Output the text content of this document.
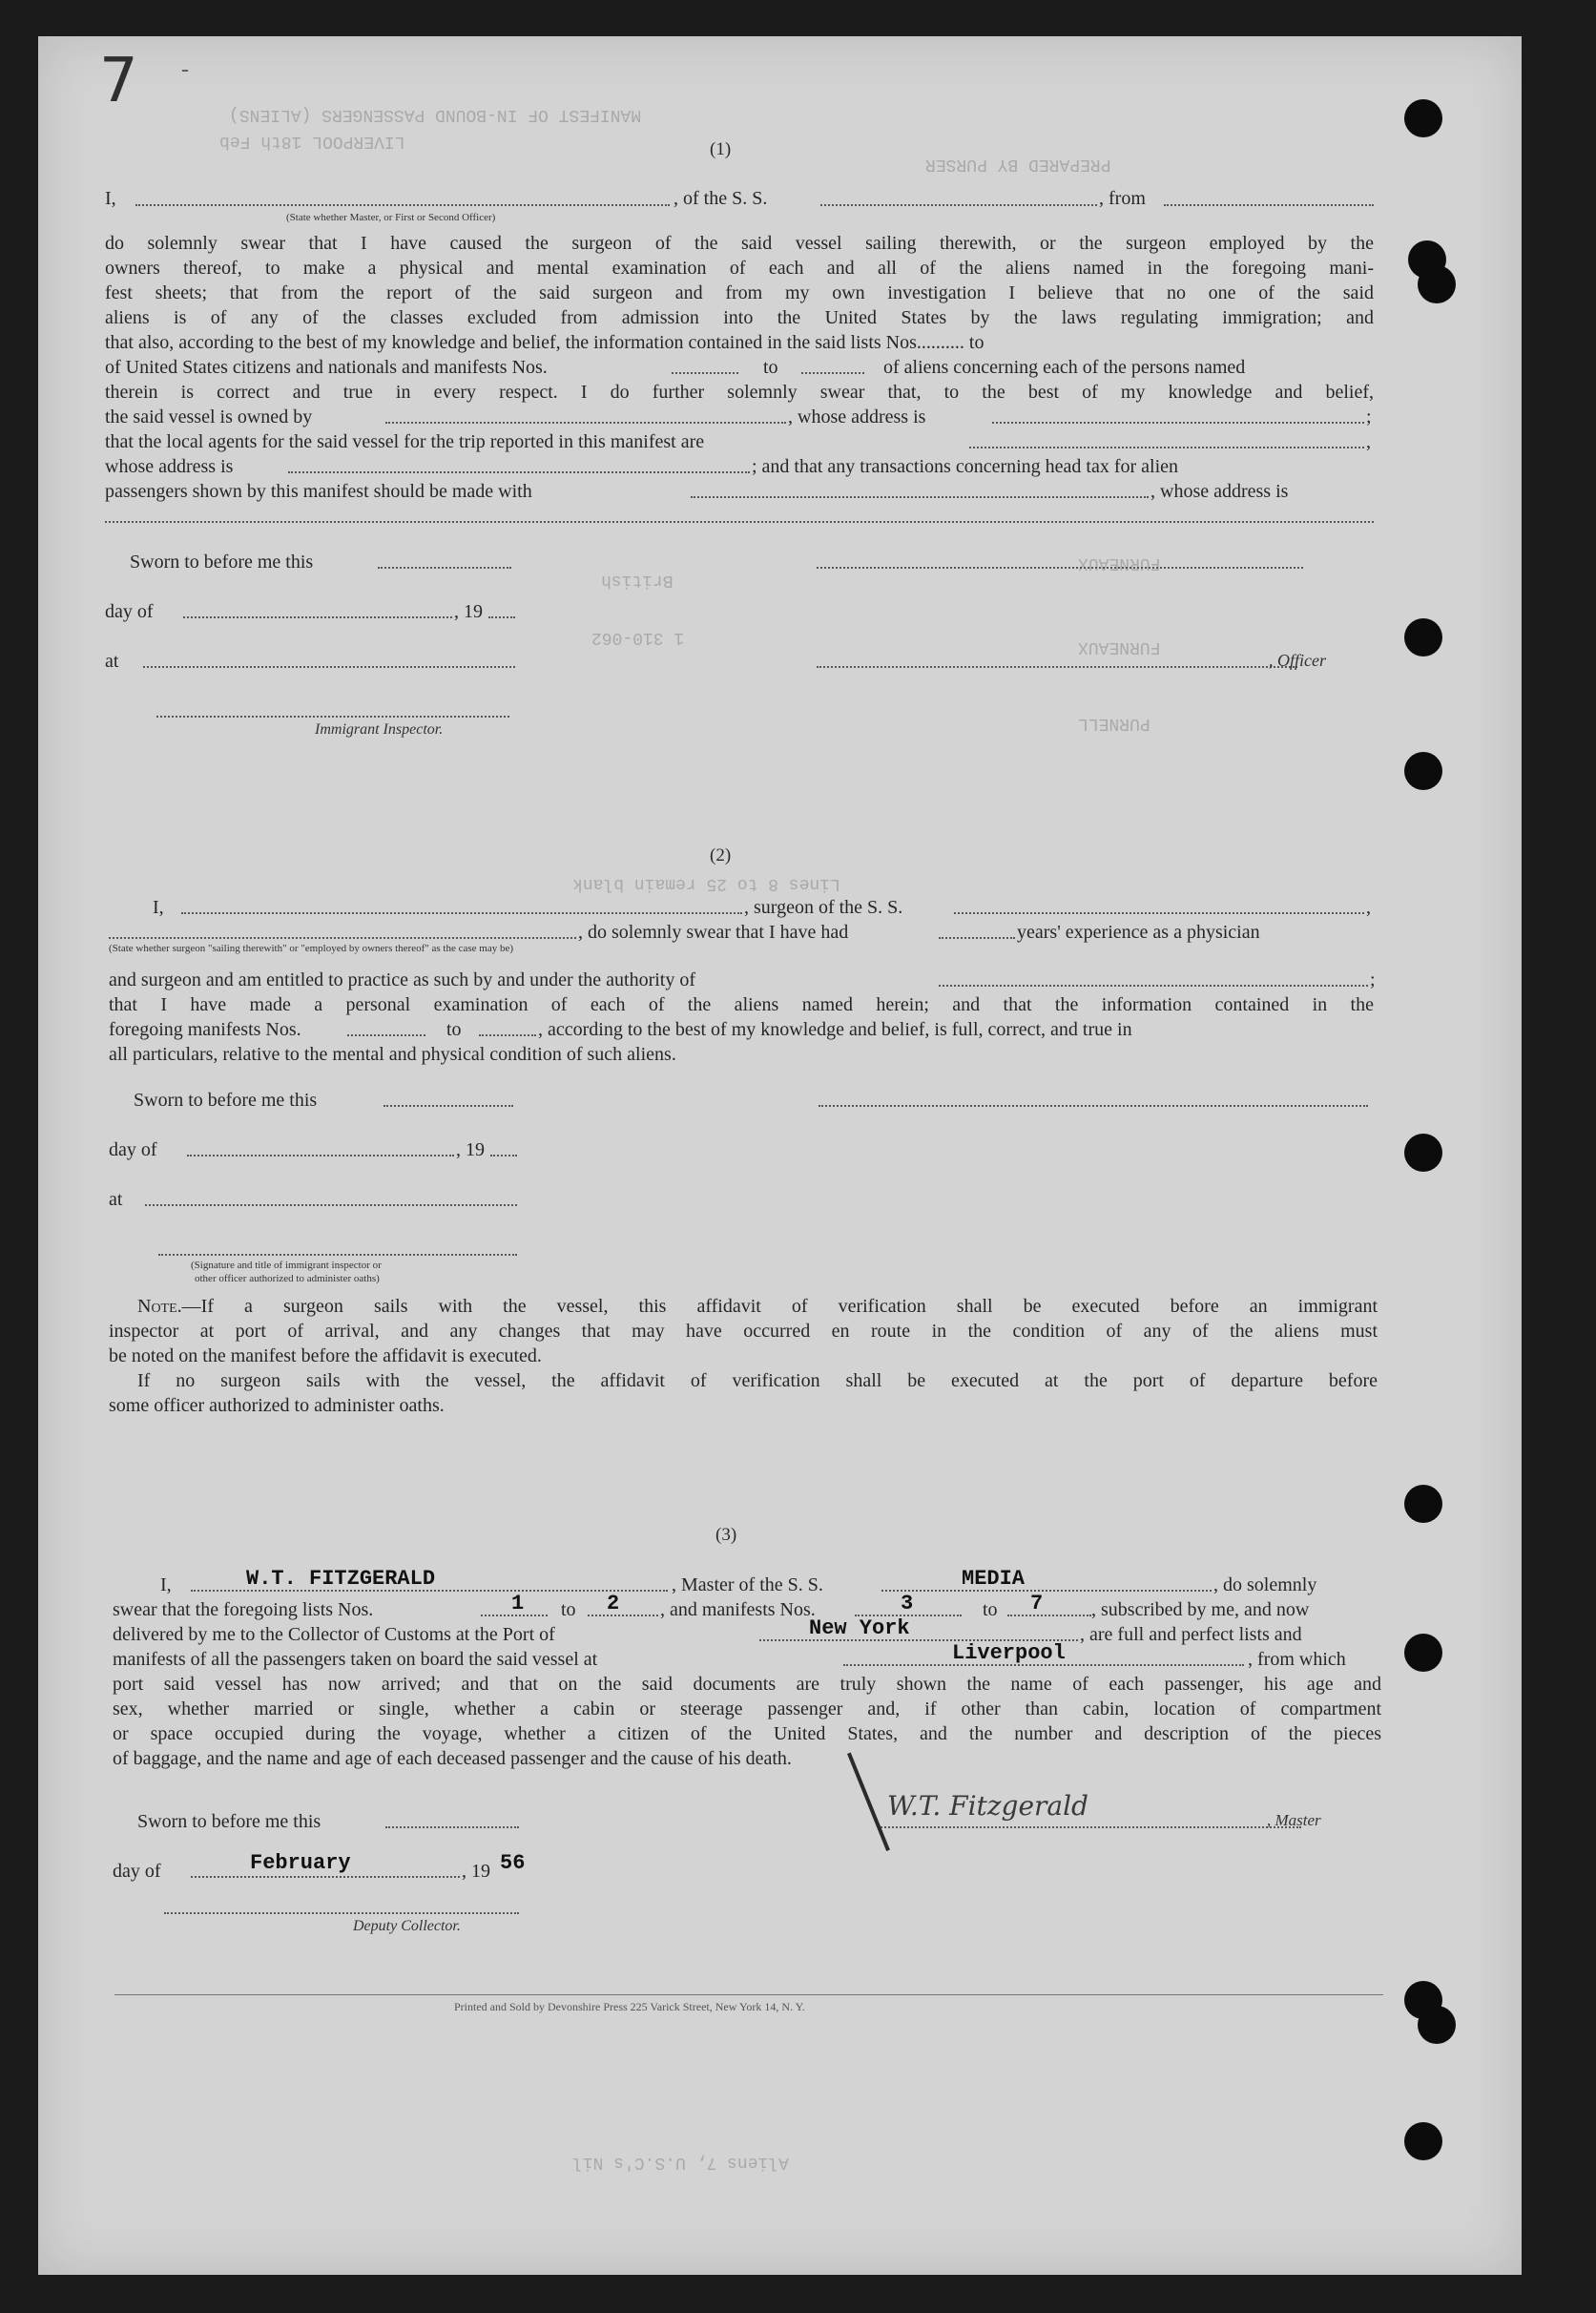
7 -
MANIFEST OF IN-BOUND PASSENGERS (ALIENS)
LIVERPOOL 18th Feb
PREPARED BY PURSER
British
FURNEAUX
Lines 8 to 25 remain blank
Aliens 7, U.S.C's Nil
FURNEAUX
PURNELL
1 310-062
(1)
I,	, of the S. S.	, from
(State whether Master, or First or Second Officer)
do solemnly swear that I have caused the surgeon of the said vessel sailing therewith, or the surgeon employed by the
owners thereof, to make a physical and mental examination of each and all of the aliens named in the foregoing mani-
fest sheets; that from the report of the said surgeon and from my own investigation I believe that no one of the said
aliens is of any of the classes excluded from admission into the United States by the laws regulating immigration; and
that also, according to the best of my knowledge and belief, the information contained in the said lists Nos.......... to
of United States citizens and nationals and manifests Nos.	to	of aliens concerning each of the persons named
therein is correct and true in every respect. I do further solemnly swear that, to the best of my knowledge and belief,
the said vessel is owned by	, whose address is	;
that the local agents for the said vessel for the trip reported in this manifest are	,
whose address is	; and that any transactions concerning head tax for alien
passengers shown by this manifest should be made with	, whose address is
Sworn to before me this
day of	, 19
at	, Officer
Immigrant Inspector.
(2)
I,	, surgeon of the S. S.	,
, do solemnly swear that I have had	years' experience as a physician
(State whether surgeon "sailing therewith" or "employed by owners thereof" as the case may be)
and surgeon and am entitled to practice as such by and under the authority of	;
that I have made a personal examination of each of the aliens named herein; and that the information contained in the
foregoing manifests Nos.	to	, according to the best of my knowledge and belief, is full, correct, and true in
all particulars, relative to the mental and physical condition of such aliens.
Sworn to before me this
day of	, 19
at
(Signature and title of immigrant inspector or
other officer authorized to administer oaths)
Note.—If a surgeon sails with the vessel, this affidavit of verification shall be executed before an immigrant
inspector at port of arrival, and any changes that may have occurred en route in the condition of any of the aliens must
be noted on the manifest before the affidavit is executed.
If no surgeon sails with the vessel, the affidavit of verification shall be executed at the port of departure before
some officer authorized to administer oaths.
(3)
I,	W.T. FITZGERALD	, Master of the S. S.	MEDIA	, do solemnly
swear that the foregoing lists Nos.	1 to 2 , and manifests Nos.	3	to 7	, subscribed by me, and now
delivered by me to the Collector of Customs at the Port of	New York	, are full and perfect lists and
manifests of all the passengers taken on board the said vessel at	Liverpool	, from which
port said vessel has now arrived; and that on the said documents are truly shown the name of each passenger, his age and
sex, whether married or single, whether a cabin or steerage passenger and, if other than cabin, location of compartment
or space occupied during the voyage, whether a citizen of the United States, and the number and description of the pieces
of baggage, and the name and age of each deceased passenger and the cause of his death.
Sworn to before me this	W.T. Fitzgerald	, Master
day of	February	, 19 56
Deputy Collector.
Printed and Sold by Devonshire Press 225 Varick Street, New York 14, N. Y.
